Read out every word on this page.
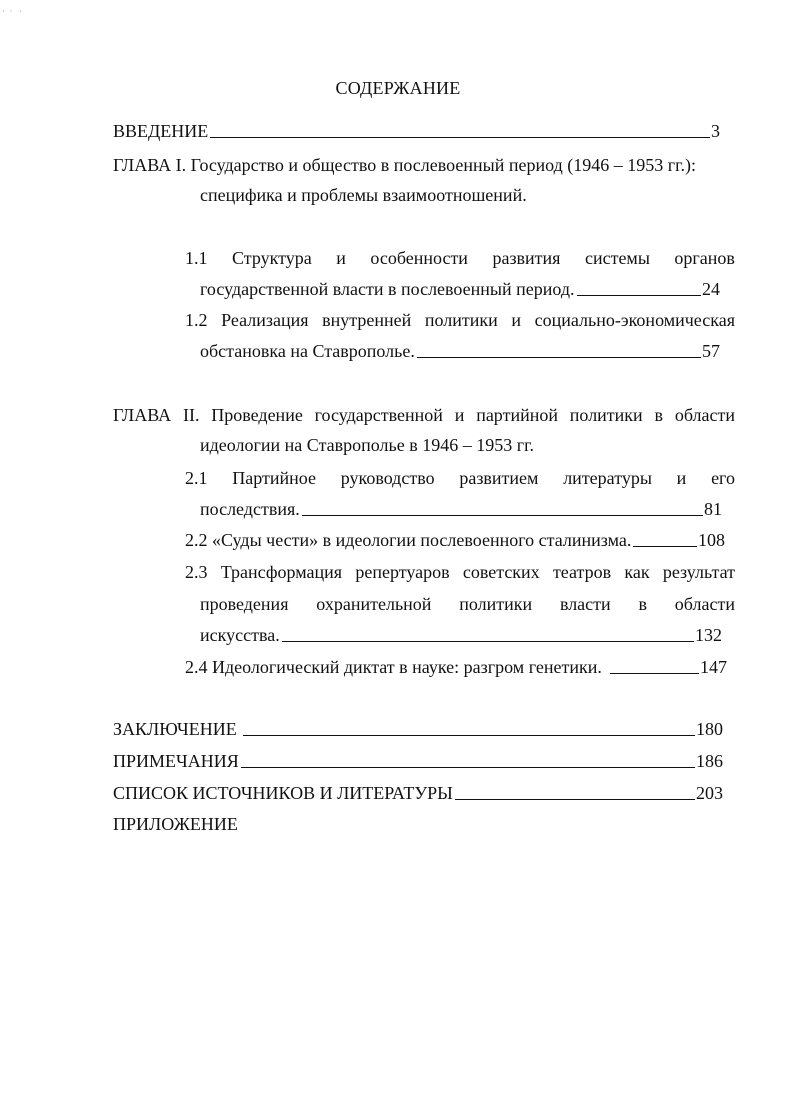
·  ·   ·
СОДЕРЖАНИЕ
ВВЕДЕНИЕ	3
ГЛАВА I. Государство и общество в послевоенный период (1946 – 1953 гг.):
специфика и проблемы взаимоотношений.
1.1 Структура и особенности развития системы органов
государственной власти в послевоенный период.	24
1.2 Реализация внутренней политики и социально-экономическая
обстановка на Ставрополье.	57
ГЛАВА II. Проведение государственной и партийной политики в области
идеологии на Ставрополье в 1946 – 1953 гг.
2.1 Партийное руководство развитием литературы и его
последствия.	81
2.2 «Суды чести» в идеологии послевоенного сталинизма.	108
2.3 Трансформация репертуаров советских театров как результат
проведения охранительной политики власти в области
искусства.	132
2.4 Идеологический диктат в науке: разгром генетики.	147
ЗАКЛЮЧЕНИЕ	180
ПРИМЕЧАНИЯ	186
СПИСОК ИСТОЧНИКОВ И ЛИТЕРАТУРЫ	203
ПРИЛОЖЕНИЕ
